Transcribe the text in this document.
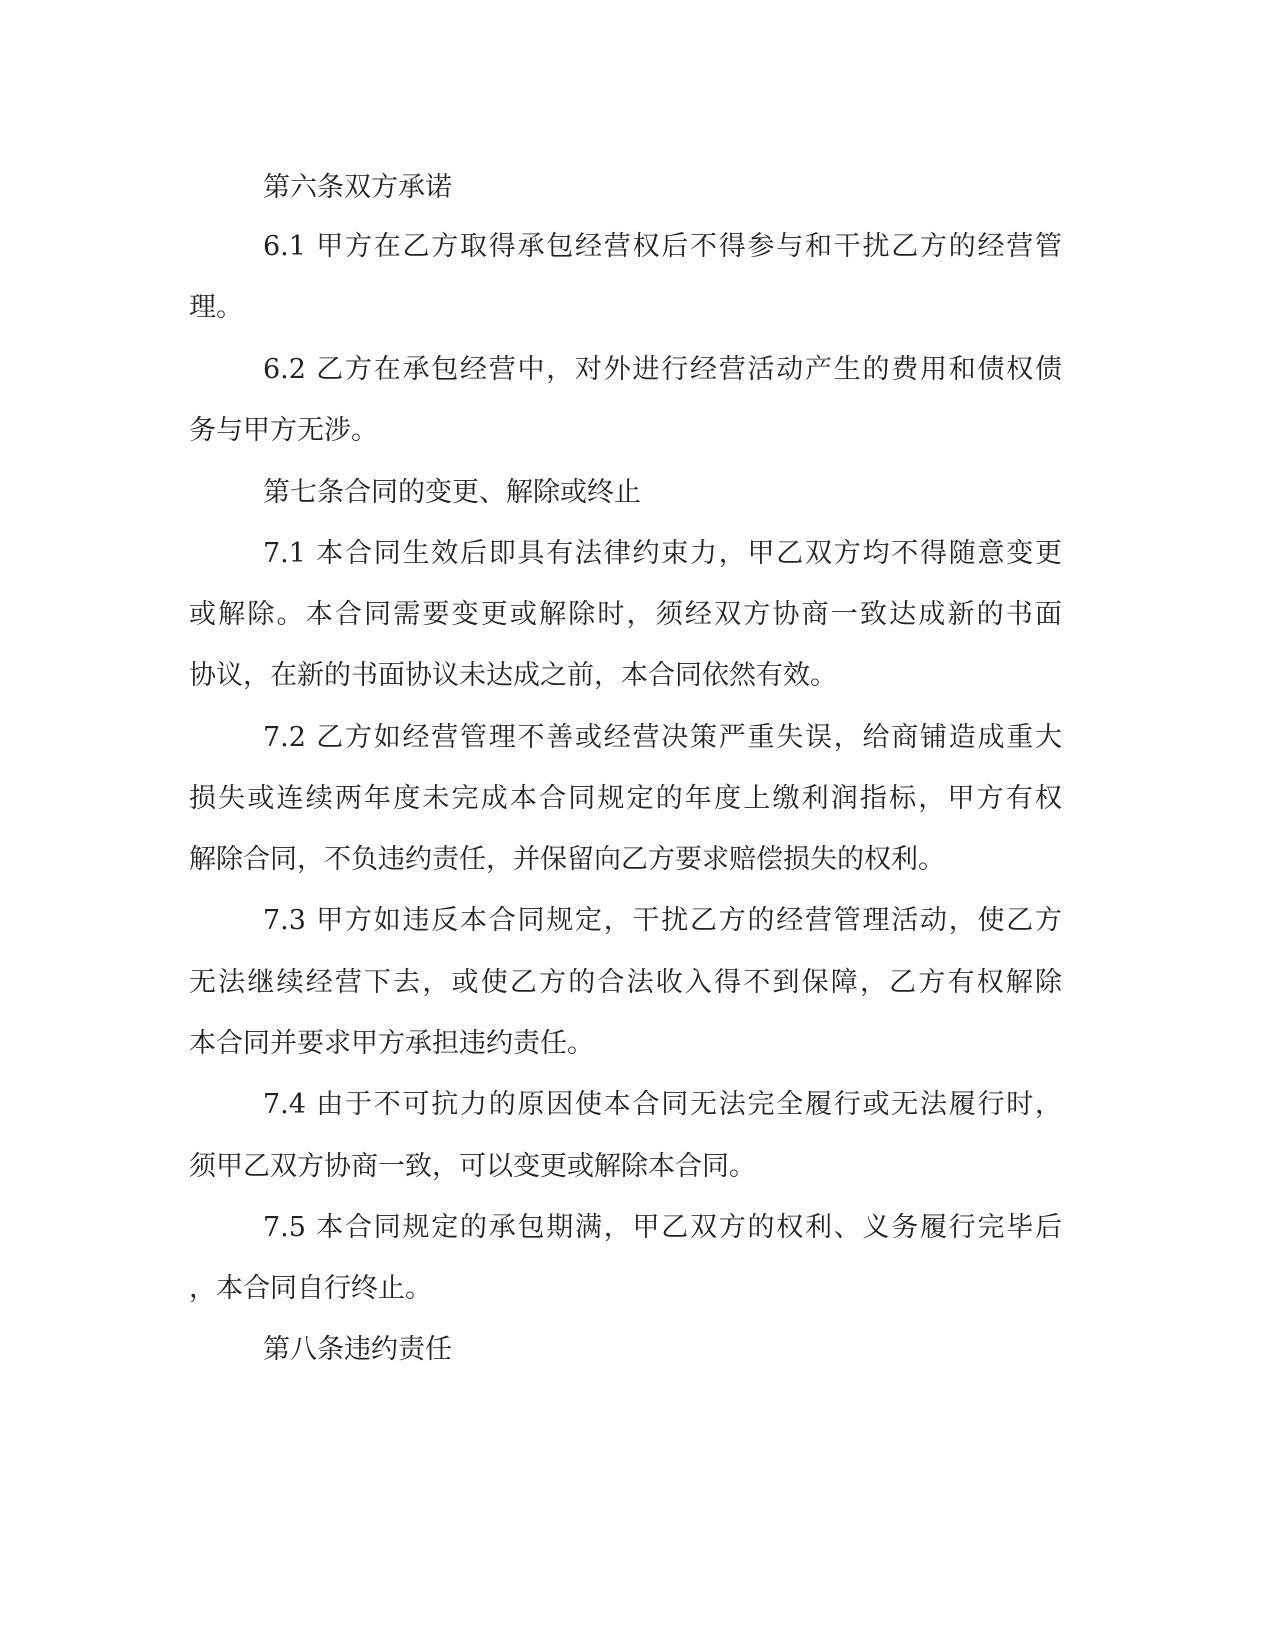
第六条双方承诺
6.1 甲方在乙方取得承包经营权后不得参与和干扰乙方的经营管
理。
6.2 乙方在承包经营中，对外进行经营活动产生的费用和债权债
务与甲方无涉。
第七条合同的变更、解除或终止
7.1 本合同生效后即具有法律约束力，甲乙双方均不得随意变更
或解除。本合同需要变更或解除时，须经双方协商一致达成新的书面
协议，在新的书面协议未达成之前，本合同依然有效。
7.2 乙方如经营管理不善或经营决策严重失误，给商铺造成重大
损失或连续两年度未完成本合同规定的年度上缴利润指标，甲方有权
解除合同，不负违约责任，并保留向乙方要求赔偿损失的权利。
7.3 甲方如违反本合同规定，干扰乙方的经营管理活动，使乙方
无法继续经营下去，或使乙方的合法收入得不到保障，乙方有权解除
本合同并要求甲方承担违约责任。
7.4 由于不可抗力的原因使本合同无法完全履行或无法履行时，
须甲乙双方协商一致，可以变更或解除本合同。
7.5 本合同规定的承包期满，甲乙双方的权利、义务履行完毕后
，本合同自行终止。
第八条违约责任
